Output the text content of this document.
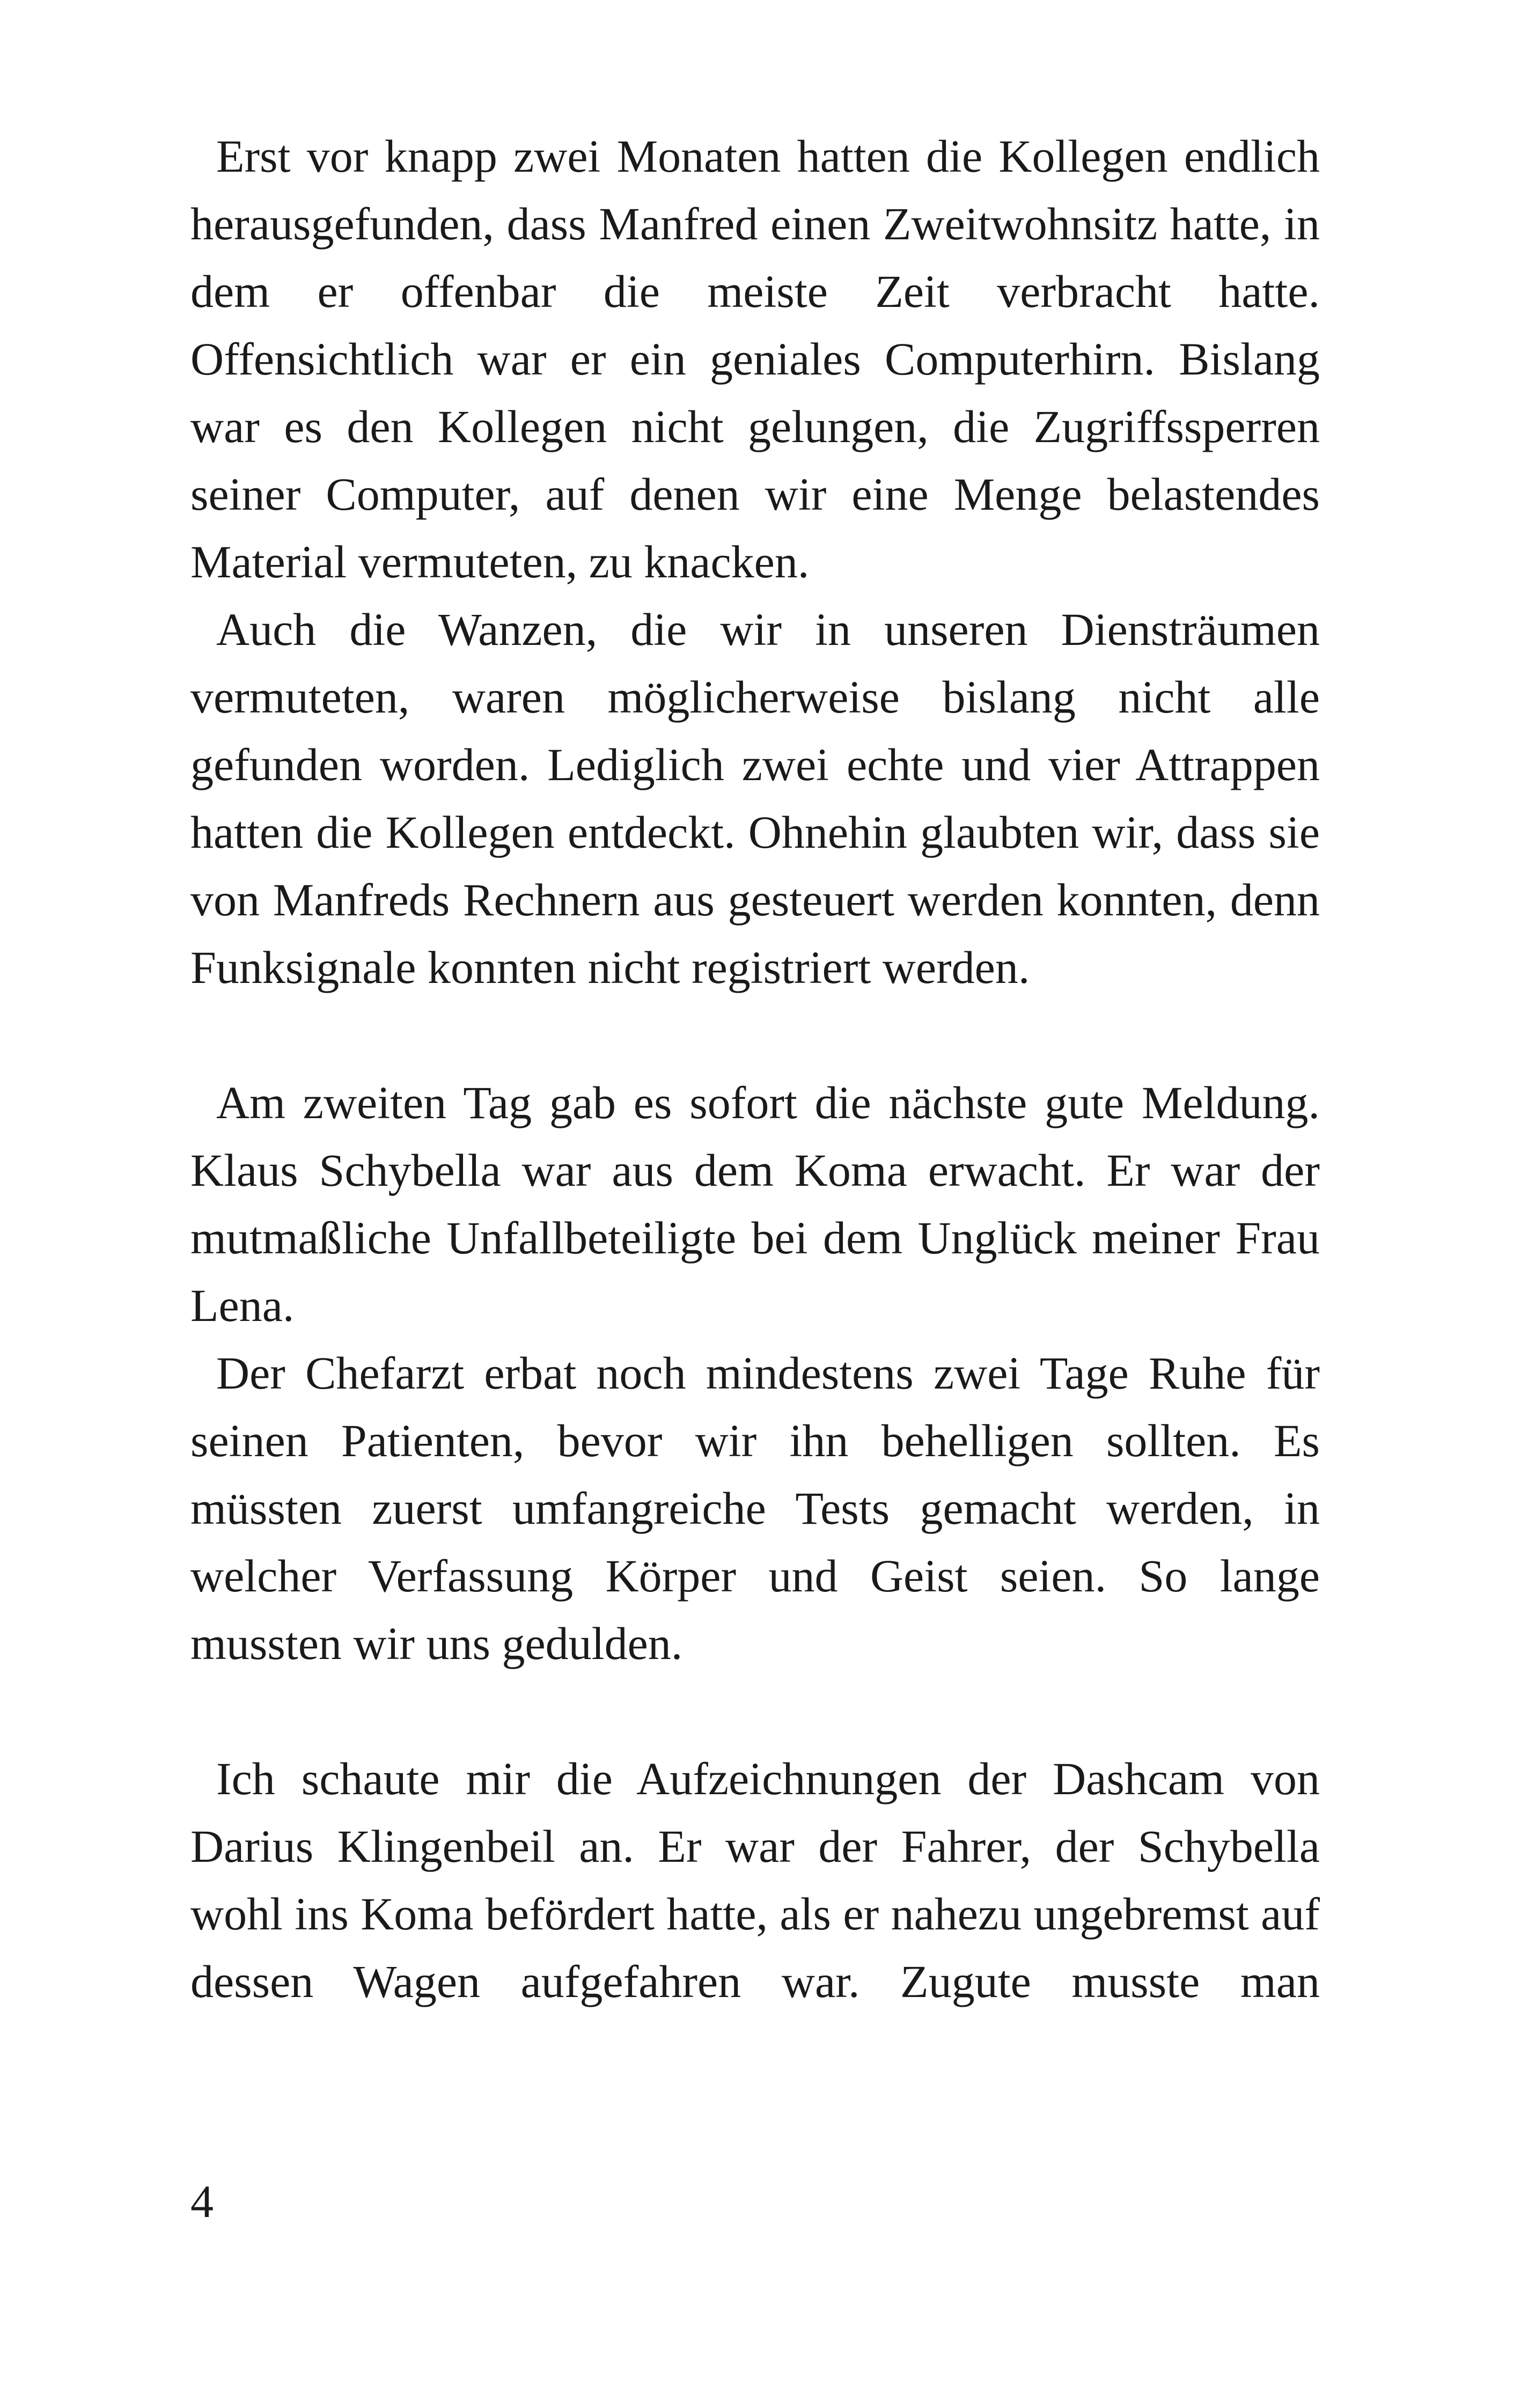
Erst vor knapp zwei Monaten hatten die Kollegen endlich herausgefunden, dass Manfred einen Zweitwohnsitz hatte, in dem er offenbar die meiste Zeit verbracht hatte. Offensichtlich war er ein geniales Computerhirn. Bislang war es den Kollegen nicht gelungen, die Zugriffssperren seiner Computer, auf denen wir eine Menge belastendes Material vermuteten, zu knacken.

Auch die Wanzen, die wir in unseren Diensträumen vermuteten, waren möglicherweise bislang nicht alle gefunden worden. Lediglich zwei echte und vier Attrappen hatten die Kollegen entdeckt. Ohnehin glaubten wir, dass sie von Manfreds Rechnern aus gesteuert werden konnten, denn Funksignale konnten nicht registriert werden.

Am zweiten Tag gab es sofort die nächste gute Meldung. Klaus Schybella war aus dem Koma erwacht. Er war der mutmaßliche Unfallbeteiligte bei dem Unglück meiner Frau Lena.

Der Chefarzt erbat noch mindestens zwei Tage Ruhe für seinen Patienten, bevor wir ihn behelligen sollten. Es müssten zuerst umfangreiche Tests gemacht werden, in welcher Verfassung Körper und Geist seien. So lange mussten wir uns gedulden.

Ich schaute mir die Aufzeichnungen der Dashcam von Darius Klingenbeil an. Er war der Fahrer, der Schybella wohl ins Koma befördert hatte, als er nahezu ungebremst auf dessen Wagen aufgefahren war. Zugute musste man

4
